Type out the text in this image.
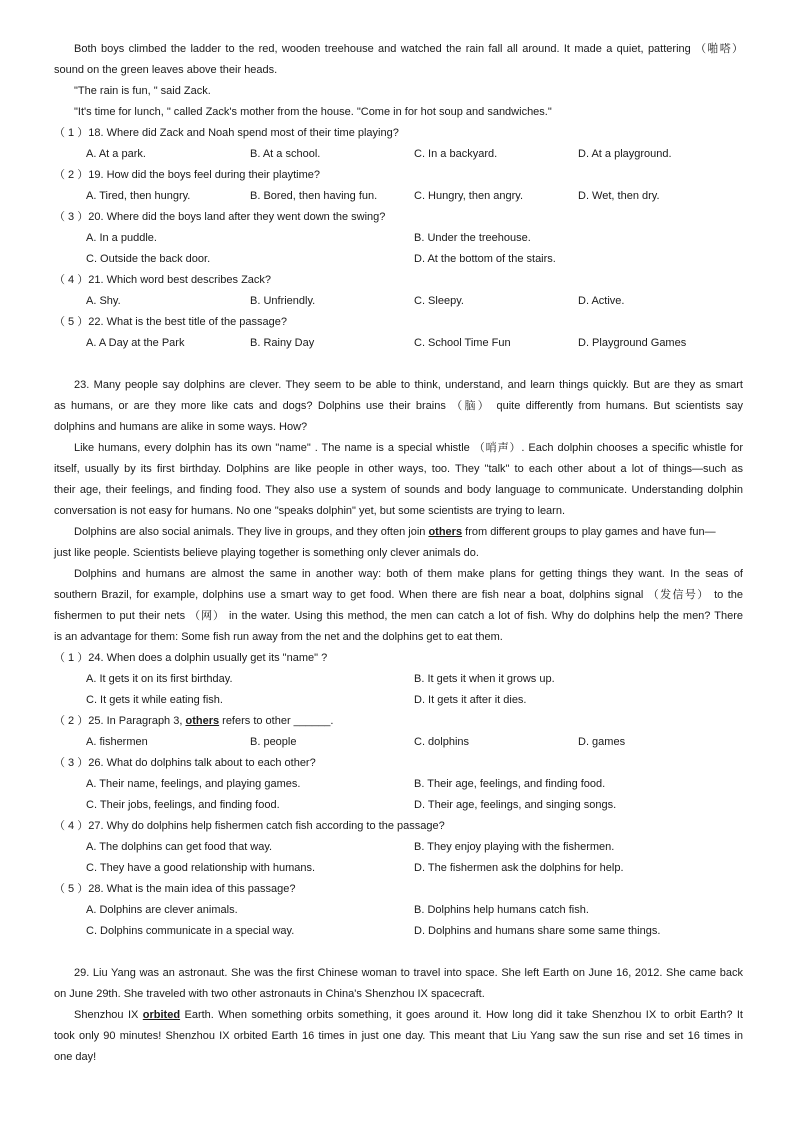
Both boys climbed the ladder to the red, wooden treehouse and watched the rain fall all around. It made a quiet, pattering （啪嗒）
sound on the green leaves above their heads.
"The rain is fun, " said Zack.
"It's time for lunch, " called Zack's mother from the house. "Come in for hot soup and sandwiches."
（ 1 ）18. Where did Zack and Noah spend most of their time playing?
A. At a park.	B. At a school.	C. In a backyard.	D. At a playground.
（ 2 ）19. How did the boys feel during their playtime?
A. Tired, then hungry.	B. Bored, then having fun.	C. Hungry, then angry.	D. Wet, then dry.
（ 3 ）20. Where did the boys land after they went down the swing?
A. In a puddle.	B. Under the treehouse.
C. Outside the back door.	D. At the bottom of the stairs.
（ 4 ）21. Which word best describes Zack?
A. Shy.	B. Unfriendly.	C. Sleepy.	D. Active.
（ 5 ）22. What is the best title of the passage?
A. A Day at the Park	B. Rainy Day	C. School Time Fun	D. Playground Games
23. Many people say dolphins are clever. They seem to be able to think, understand, and learn things quickly. But are they as smart
as humans, or are they more like cats and dogs? Dolphins use their brains （脑） quite differently from humans. But scientists say
dolphins and humans are alike in some ways. How?
Like humans, every dolphin has its own "name" . The name is a special whistle （哨声）. Each dolphin chooses a specific whistle for
itself, usually by its first birthday. Dolphins are like people in other ways, too. They "talk" to each other about a lot of things—such as
their age, their feelings, and finding food. They also use a system of sounds and body language to communicate. Understanding dolphin
conversation is not easy for humans. No one "speaks dolphin" yet, but some scientists are trying to learn.
Dolphins are also social animals. They live in groups, and they often join others from different groups to play games and have fun—
just like people. Scientists believe playing together is something only clever animals do.
Dolphins and humans are almost the same in another way: both of them make plans for getting things they want. In the seas of
southern Brazil, for example, dolphins use a smart way to get food. When there are fish near a boat, dolphins signal （发信号） to the
fishermen to put their nets （网） in the water. Using this method, the men can catch a lot of fish. Why do dolphins help the men? There
is an advantage for them: Some fish run away from the net and the dolphins get to eat them.
（ 1 ）24. When does a dolphin usually get its "name" ?
A. It gets it on its first birthday.	B. It gets it when it grows up.
C. It gets it while eating fish.	D. It gets it after it dies.
（ 2 ）25. In Paragraph 3, others refers to other ______.
A. fishermen	B. people	C. dolphins	D. games
（ 3 ）26. What do dolphins talk about to each other?
A. Their name, feelings, and playing games.	B. Their age, feelings, and finding food.
C. Their jobs, feelings, and finding food.	D. Their age, feelings, and singing songs.
（ 4 ）27. Why do dolphins help fishermen catch fish according to the passage?
A. The dolphins can get food that way.	B. They enjoy playing with the fishermen.
C. They have a good relationship with humans.	D. The fishermen ask the dolphins for help.
（ 5 ）28. What is the main idea of this passage?
A. Dolphins are clever animals.	B. Dolphins help humans catch fish.
C. Dolphins communicate in a special way.	D. Dolphins and humans share some same things.
29. Liu Yang was an astronaut. She was the first Chinese woman to travel into space. She left Earth on June 16, 2012. She came back
on June 29th. She traveled with two other astronauts in China's Shenzhou IX spacecraft.
Shenzhou IX orbited Earth. When something orbits something, it goes around it. How long did it take Shenzhou IX to orbit Earth? It
took only 90 minutes! Shenzhou IX orbited Earth 16 times in just one day. This meant that Liu Yang saw the sun rise and set 16 times in
one day!
